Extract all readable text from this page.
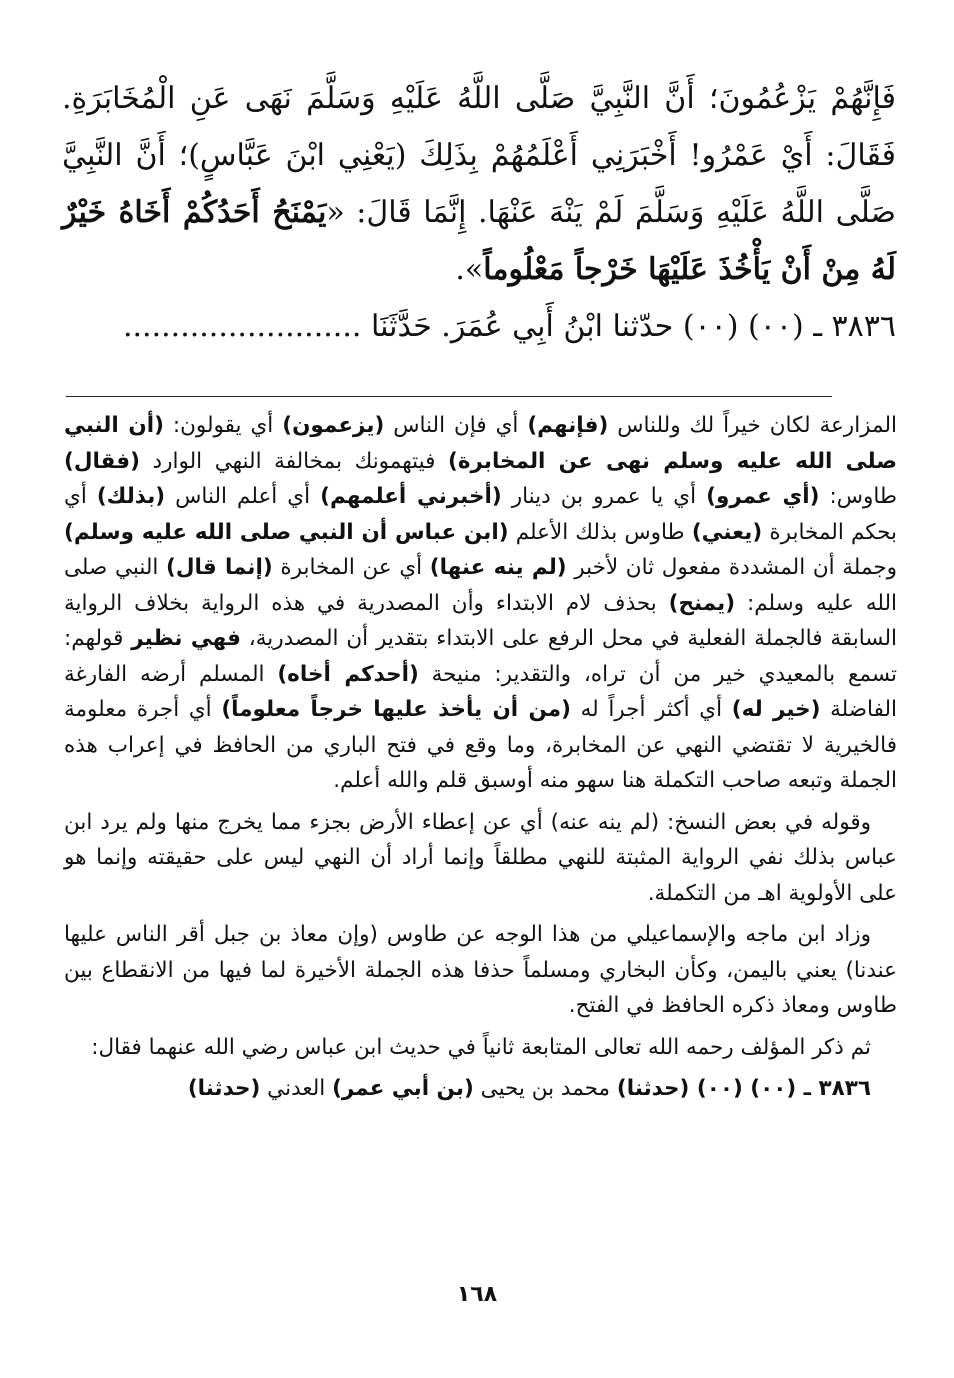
فَإِنَّهُمْ يَزْعُمُونَ؛ أَنَّ النَّبِيَّ صَلَّى اللَّهُ عَلَيْهِ وَسَلَّمَ نَهَى عَنِ الْمُخَابَرَةِ. فَقَالَ: أَيْ عَمْرُو! أَخْبَرَنِي أَعْلَمُهُمْ بِذَلِكَ (يَعْنِي ابْنَ عَبَّاسٍ)؛ أَنَّ النَّبِيَّ صَلَّى اللَّهُ عَلَيْهِ وَسَلَّمَ لَمْ يَنْهَ عَنْهَا. إِنَّمَا قَالَ: «يَمْنَحُ أَحَدُكُمْ أَخَاهُ خَيْرٌ لَهُ مِنْ أَنْ يَأْخُذَ عَلَيْهَا خَرْجاً مَعْلُوماً».

٣٨٣٦ ـ (٠٠) (٠٠) حدّثنا ابْنُ أَبِي عُمَرَ. حَدَّثَنَا .........................

المزارعة لكان خيراً لك وللناس (فإنهم) أي فإن الناس (يزعمون) أي يقولون: (أن النبي صلى الله عليه وسلم نهى عن المخابرة) فيتهمونك بمخالفة النهي الوارد (فقال) طاوس: (أي عمرو) أي يا عمرو بن دينار (أخبرني أعلمهم) أي أعلم الناس (بذلك) أي بحكم المخابرة (يعني) طاوس بذلك الأعلم (ابن عباس أن النبي صلى الله عليه وسلم) وجملة أن المشددة مفعول ثان لأخبر (لم ينه عنها) أي عن المخابرة (إنما قال) النبي صلى الله عليه وسلم: (يمنح) بحذف لام الابتداء وأن المصدرية في هذه الرواية بخلاف الرواية السابقة فالجملة الفعلية في محل الرفع على الابتداء بتقدير أن المصدرية، فهي نظير قولهم: تسمع بالمعيدي خير من أن تراه، والتقدير: منيحة (أحدكم أخاه) المسلم أرضه الفارغة الفاضلة (خير له) أي أكثر أجراً له (من أن يأخذ عليها خرجاً معلوماً) أي أجرة معلومة فالخيرية لا تقتضي النهي عن المخابرة، وما وقع في فتح الباري من الحافظ في إعراب هذه الجملة وتبعه صاحب التكملة هنا سهو منه أوسبق قلم والله أعلم.

وقوله في بعض النسخ: (لم ينه عنه) أي عن إعطاء الأرض بجزء مما يخرج منها ولم يرد ابن عباس بذلك نفي الرواية المثبتة للنهي مطلقاً وإنما أراد أن النهي ليس على حقيقته وإنما هو على الأولوية اهـ من التكملة.

وزاد ابن ماجه والإسماعيلي من هذا الوجه عن طاوس (وإن معاذ بن جبل أقر الناس عليها عندنا) يعني باليمن، وكأن البخاري ومسلماً حذفا هذه الجملة الأخيرة لما فيها من الانقطاع بين طاوس ومعاذ ذكره الحافظ في الفتح.

ثم ذكر المؤلف رحمه الله تعالى المتابعة ثانياً في حديث ابن عباس رضي الله عنهما فقال:

٣٨٣٦ ـ (٠٠) (٠٠) (حدثنا) محمد بن يحيى (بن أبي عمر) العدني (حدثنا)

١٦٨
